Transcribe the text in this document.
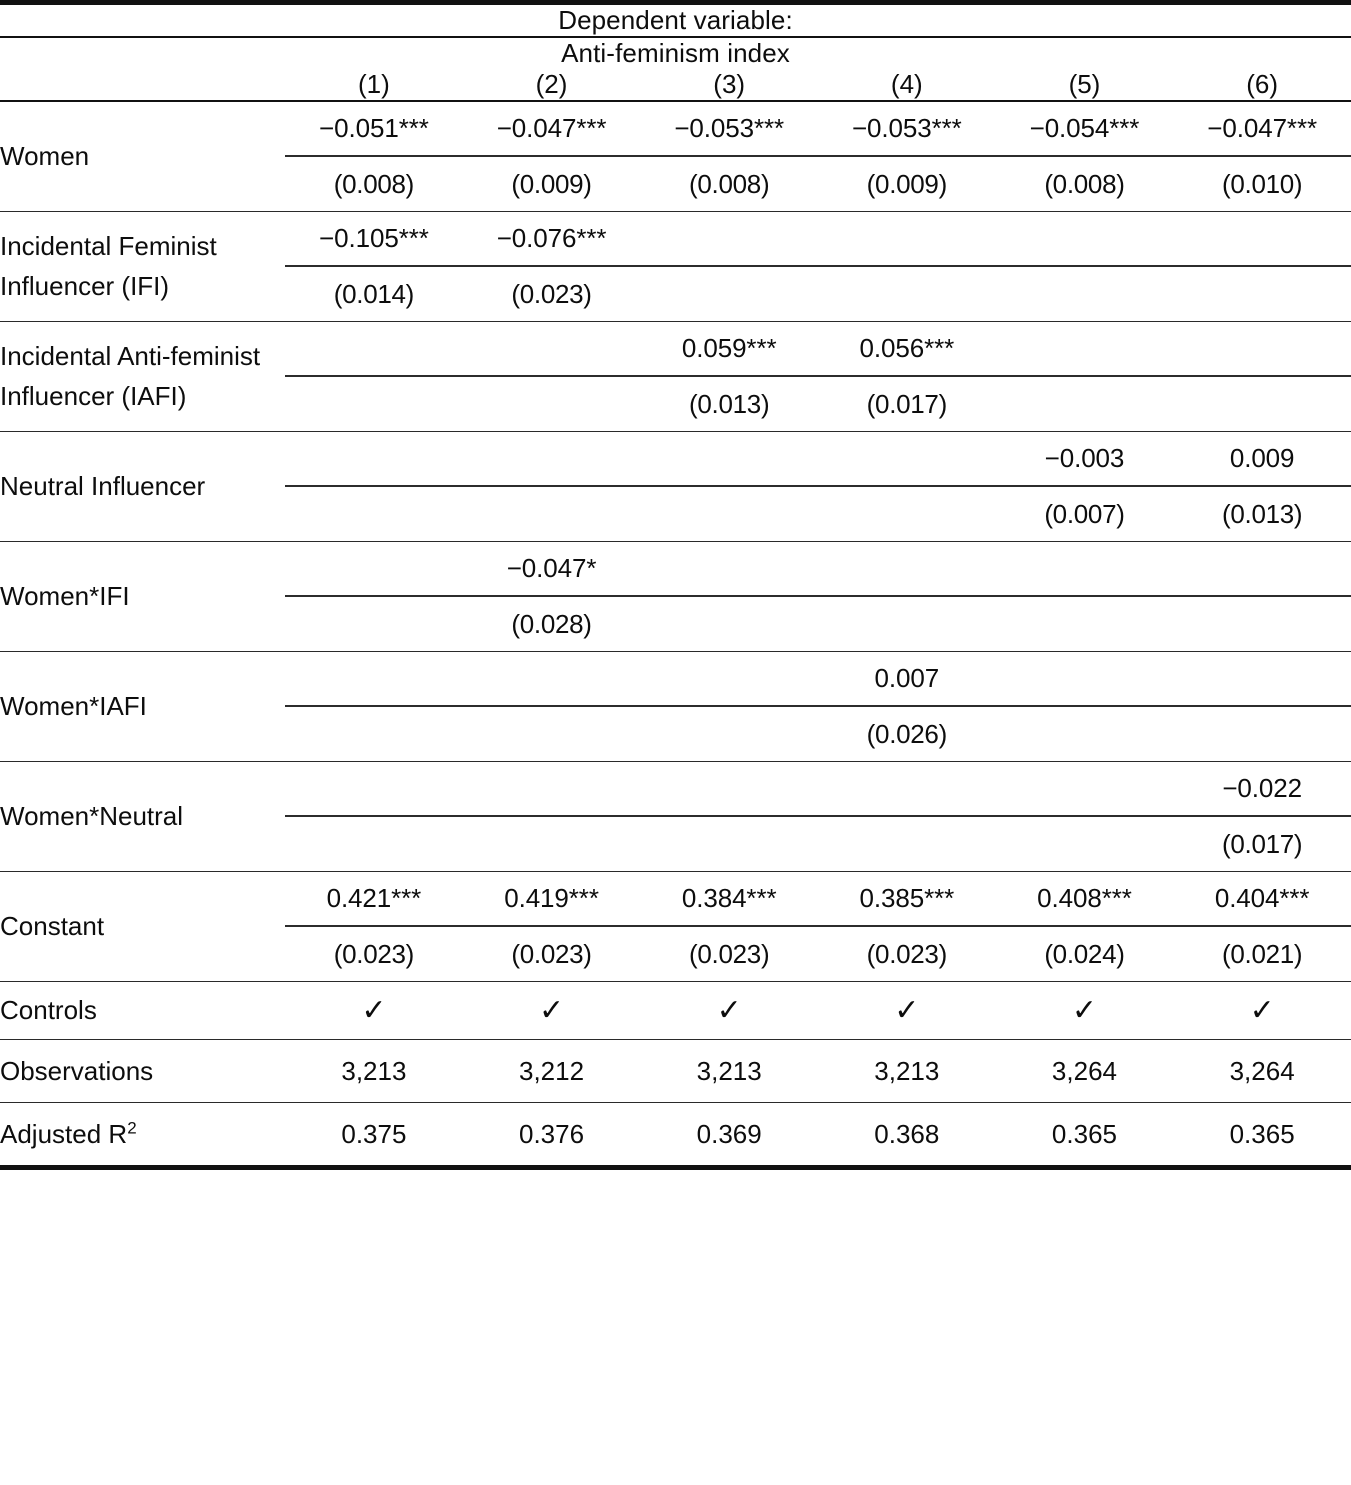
Dependent variable:						

Anti-feminism index						
	(1)	(2)	(3)	(4)	(5)	(6)

Women	−0.051***	−0.047***	−0.053***	−0.053***	−0.054***	−0.047***

	(0.008)	(0.009)	(0.008)	(0.009)	(0.008)	(0.010)

Incidental Feminist Influencer (IFI)	−0.105***	−0.076***				

	(0.014)	(0.023)				

Incidental Anti-feminist Influencer (IAFI)			0.059***	0.056***		

			(0.013)	(0.017)		

Neutral Influencer					−0.003	0.009

					(0.007)	(0.013)

Women*IFI		−0.047*				

		(0.028)				

Women*IAFI				0.007		

				(0.026)		

Women*Neutral						−0.022

						(0.017)

Constant	0.421***	0.419***	0.384***	0.385***	0.408***	0.404***

	(0.023)	(0.023)	(0.023)	(0.023)	(0.024)	(0.021)

Controls	✓	✓	✓	✓	✓	✓

Observations	3,213	3,212	3,213	3,213	3,264	3,264

Adjusted $R^2$	0.375	0.376	0.369	0.368	0.365	0.365
